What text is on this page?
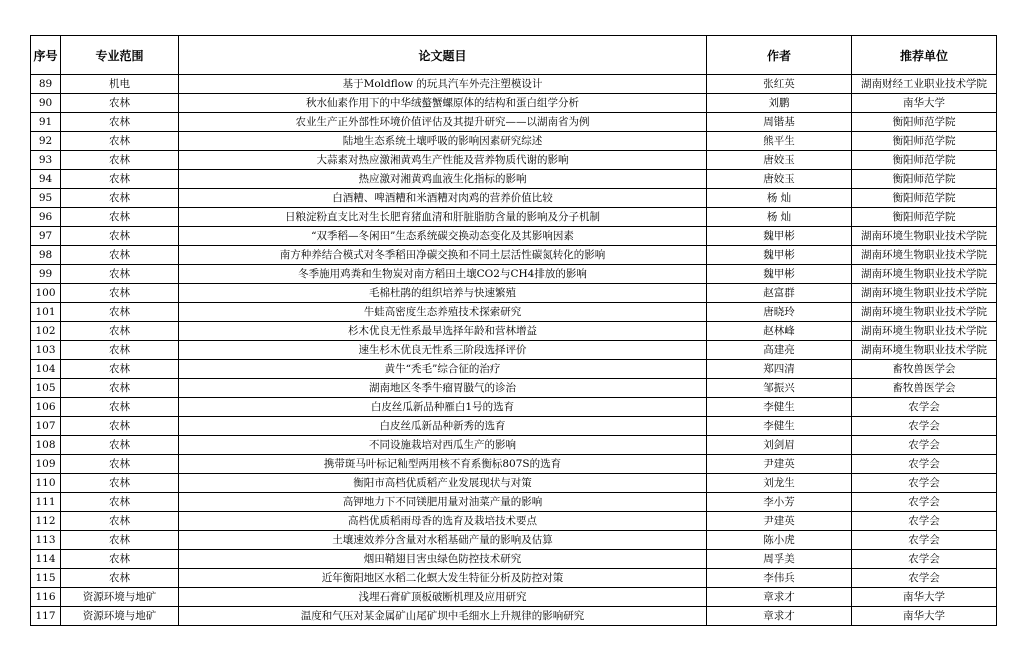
序号	专业范围	论文题目	作者	推荐单位
89	机电	基于Moldflow 的玩具汽车外壳注塑模设计	张红英	湖南财经工业职业技术学院
90	农林	秋水仙素作用下的中华绒螯蟹螺原体的结构和蛋白组学分析	刘鹏	南华大学
91	农林	农业生产正外部性环境价值评估及其提升研究——以湖南省为例	周锴基	衡阳师范学院
92	农林	陆地生态系统土壤呼吸的影响因素研究综述	熊平生	衡阳师范学院
93	农林	大蒜素对热应激湘黄鸡生产性能及营养物质代谢的影响	唐姣玉	衡阳师范学院
94	农林	热应激对湘黄鸡血液生化指标的影响	唐姣玉	衡阳师范学院
95	农林	白酒糟、啤酒糟和米酒糟对肉鸡的营养价值比较	杨 灿	衡阳师范学院
96	农林	日粮淀粉直支比对生长肥育猪血清和肝脏脂肪含量的影响及分子机制	杨 灿	衡阳师范学院
97	农林	“双季稻—冬闲田”生态系统碳交换动态变化及其影响因素	魏甲彬	湖南环境生物职业技术学院
98	农林	南方种养结合模式对冬季稻田净碳交换和不同土层活性碳氮转化的影响	魏甲彬	湖南环境生物职业技术学院
99	农林	冬季施用鸡粪和生物炭对南方稻田土壤CO2与CH4排放的影响	魏甲彬	湖南环境生物职业技术学院
100	农林	毛棉杜鹃的组织培养与快速繁殖	赵富群	湖南环境生物职业技术学院
101	农林	牛蛙高密度生态养殖技术探索研究	唐晓玲	湖南环境生物职业技术学院
102	农林	杉木优良无性系最早选择年龄和营林增益	赵林峰	湖南环境生物职业技术学院
103	农林	速生杉木优良无性系三阶段选择评价	高建亮	湖南环境生物职业技术学院
104	农林	黄牛“秃毛”综合征的治疗	郑四清	畜牧兽医学会
105	农林	湖南地区冬季牛瘤胃臌气的诊治	邹振兴	畜牧兽医学会
106	农林	白皮丝瓜新品种雁白1号的选育	李健生	农学会
107	农林	白皮丝瓜新品种新秀的选育	李健生	农学会
108	农林	不同设施栽培对西瓜生产的影响	刘剑眉	农学会
109	农林	携带斑马叶标记籼型两用核不育系衡标807S的选育	尹建英	农学会
110	农林	衡阳市高档优质稻产业发展现状与对策	刘龙生	农学会
111	农林	高钾地力下不同镁肥用量对油菜产量的影响	李小芳	农学会
112	农林	高档优质稻雨母香的选育及栽培技术要点	尹建英	农学会
113	农林	土壤速效养分含量对水稻基础产量的影响及估算	陈小虎	农学会
114	农林	烟田鞘翅目害虫绿色防控技术研究	周孚美	农学会
115	农林	近年衡阳地区水稻二化螟大发生特征分析及防控对策	李伟兵	农学会
116	资源环境与地矿	浅埋石膏矿顶板破断机理及应用研究	章求才	南华大学
117	资源环境与地矿	温度和气压对某金属矿山尾矿坝中毛细水上升规律的影响研究	章求才	南华大学
